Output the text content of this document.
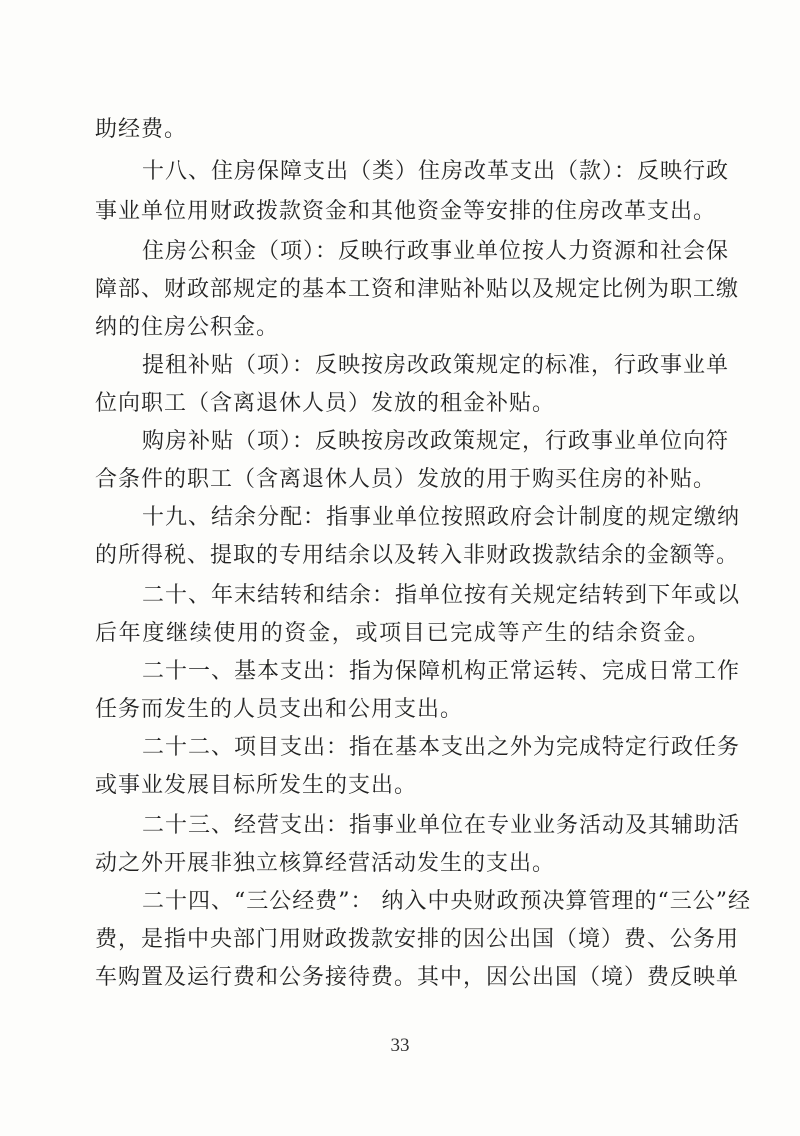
助经费。
十八、住房保障支出（类）住房改革支出（款）：反映行政
事业单位用财政拨款资金和其他资金等安排的住房改革支出。
住房公积金（项）：反映行政事业单位按人力资源和社会保
障部、财政部规定的基本工资和津贴补贴以及规定比例为职工缴
纳的住房公积金。
提租补贴（项）：反映按房改政策规定的标准，行政事业单
位向职工（含离退休人员）发放的租金补贴。
购房补贴（项）：反映按房改政策规定，行政事业单位向符
合条件的职工（含离退休人员）发放的用于购买住房的补贴。
十九、结余分配：指事业单位按照政府会计制度的规定缴纳
的所得税、提取的专用结余以及转入非财政拨款结余的金额等。
二十、年末结转和结余：指单位按有关规定结转到下年或以
后年度继续使用的资金，或项目已完成等产生的结余资金。
二十一、基本支出：指为保障机构正常运转、完成日常工作
任务而发生的人员支出和公用支出。
二十二、项目支出：指在基本支出之外为完成特定行政任务
或事业发展目标所发生的支出。
二十三、经营支出：指事业单位在专业业务活动及其辅助活
动之外开展非独立核算经营活动发生的支出。
二十四、“三公经费”： 纳入中央财政预决算管理的“三公”经
费，是指中央部门用财政拨款安排的因公出国（境）费、公务用
车购置及运行费和公务接待费。其中，因公出国（境）费反映单
33
